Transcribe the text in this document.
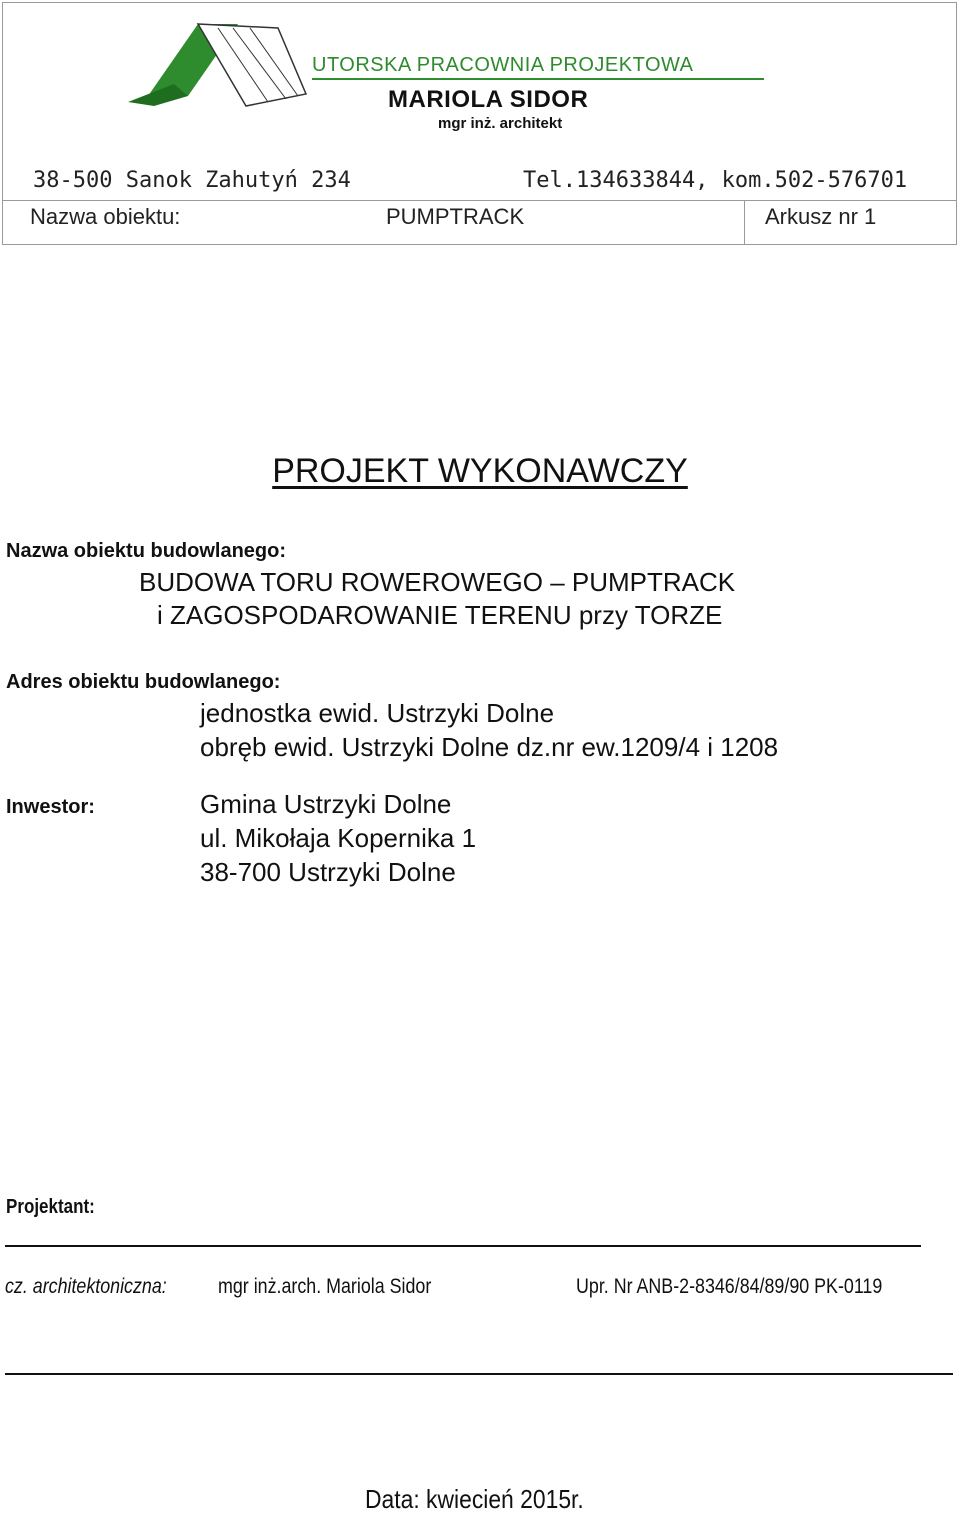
UTORSKA PRACOWNIA PROJEKTOWA
MARIOLA SIDOR
mgr inż. architekt
38-500 Sanok Zahutyń 234	Tel.134633844, kom.502-576701
Nazwa obiektu:	PUMPTRACK	Arkusz nr 1
PROJEKT WYKONAWCZY
Nazwa obiektu budowlanego:
BUDOWA TORU ROWEROWEGO – PUMPTRACK
i ZAGOSPODAROWANIE TERENU przy TORZE
Adres obiektu budowlanego:
jednostka ewid. Ustrzyki Dolne
obręb ewid. Ustrzyki Dolne dz.nr ew.1209/4 i 1208
Inwestor:	Gmina Ustrzyki Dolne
ul. Mikołaja Kopernika 1
38-700 Ustrzyki Dolne
Projektant:
cz. architektoniczna: mgr inż.arch. Mariola Sidor	Upr. Nr ANB-2-8346/84/89/90 PK-0119
Data: kwiecień 2015r.
